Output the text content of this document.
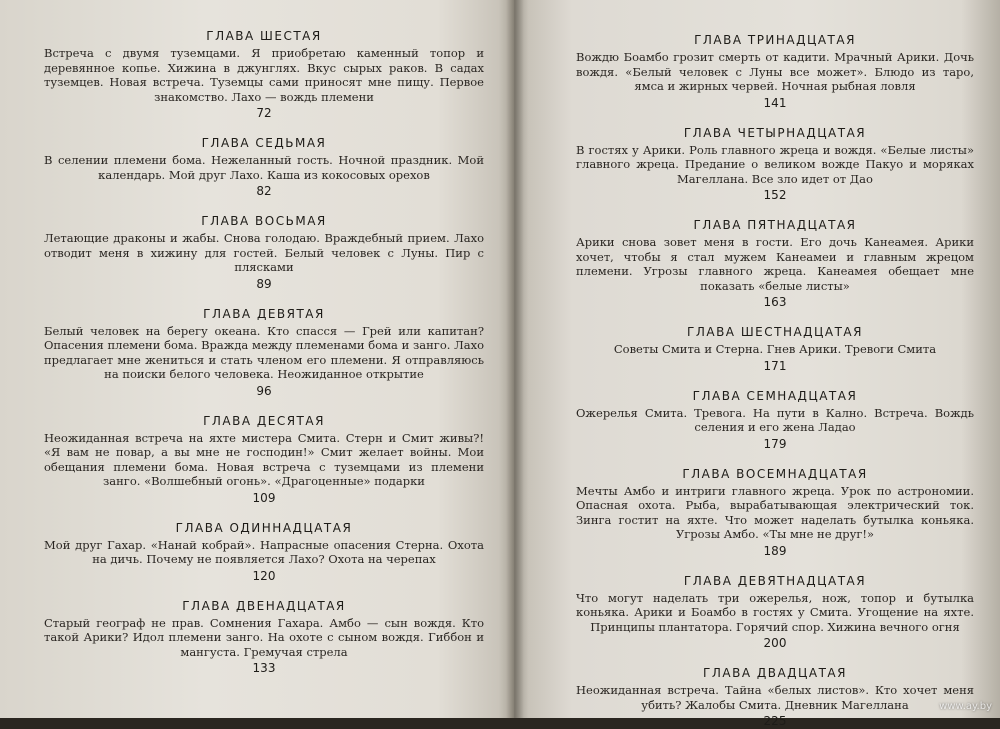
ГЛАВА ШЕСТАЯ
Встреча с двумя туземцами. Я приобретаю каменный топор и деревянное копье. Хижина в джунглях. Вкус сырых раков. В садах туземцев. Новая встреча. Туземцы сами приносят мне пищу. Первое знакомство. Лахо — вождь племени
72
ГЛАВА СЕДЬМАЯ
В селении племени бома. Нежеланный гость. Ночной праздник. Мой календарь. Мой друг Лахо. Каша из кокосовых орехов
82
ГЛАВА ВОСЬМАЯ
Летающие драконы и жабы. Снова голодаю. Враждебный прием. Лахо отводит меня в хижину для гостей. Белый человек с Луны. Пир с плясками
89
ГЛАВА ДЕВЯТАЯ
Белый человек на берегу океана. Кто спасся — Грей или капитан? Опасения племени бома. Вражда между племенами бома и занго. Лахо предлагает мне жениться и стать членом его племени. Я отправляюсь на поиски белого человека. Неожиданное открытие
96
ГЛАВА ДЕСЯТАЯ
Неожиданная встреча на яхте мистера Смита. Стерн и Смит живы?! «Я вам не повар, а вы мне не господин!» Смит желает войны. Мои обещания племени бома. Новая встреча с туземцами из племени занго. «Волшебный огонь». «Драгоценные» подарки
109
ГЛАВА ОДИННАДЦАТАЯ
Мой друг Гахар. «Нанай кобрай». Напрасные опасения Стерна. Охота на дичь. Почему не появляется Лахо? Охота на черепах
120
ГЛАВА ДВЕНАДЦАТАЯ
Старый географ не прав. Сомнения Гахара. Амбо — сын вождя. Кто такой Арики? Идол племени занго. На охоте с сыном вождя. Гиббон и мангуста. Гремучая стрела
133
ГЛАВА ТРИНАДЦАТАЯ
Вождю Боамбо грозит смерть от кадити. Мрачный Арики. Дочь вождя. «Белый человек с Луны все может». Блюдо из таро, ямса и жирных червей. Ночная рыбная ловля
141
ГЛАВА ЧЕТЫРНАДЦАТАЯ
В гостях у Арики. Роль главного жреца и вождя. «Белые листы» главного жреца. Предание о великом вожде Пакуо и моряках Магеллана. Все зло идет от Дао
152
ГЛАВА ПЯТНАДЦАТАЯ
Арики снова зовет меня в гости. Его дочь Канеамея. Арики хочет, чтобы я стал мужем Канеамеи и главным жрецом племени. Угрозы главного жреца. Канеамея обещает мне показать «белые листы»
163
ГЛАВА ШЕСТНАДЦАТАЯ
Советы Смита и Стерна. Гнев Арики. Тревоги Смита
171
ГЛАВА СЕМНАДЦАТАЯ
Ожерелья Смита. Тревога. На пути в Кално. Встреча. Вождь селения и его жена Ладао
179
ГЛАВА ВОСЕМНАДЦАТАЯ
Мечты Амбо и интриги главного жреца. Урок по астрономии. Опасная охота. Рыба, вырабатывающая электрический ток. Зинга гостит на яхте. Что может наделать бутылка коньяка. Угрозы Амбо. «Ты мне не друг!»
189
ГЛАВА ДЕВЯТНАДЦАТАЯ
Что могут наделать три ожерелья, нож, топор и бутылка коньяка. Арики и Боамбо в гостях у Смита. Угощение на яхте. Принципы плантатора. Горячий спор. Хижина вечного огня
200
ГЛАВА ДВАДЦАТАЯ
Неожиданная встреча. Тайна «белых листов». Кто хочет меня убить? Жалобы Смита. Дневник Магеллана
225
www.ay.by
